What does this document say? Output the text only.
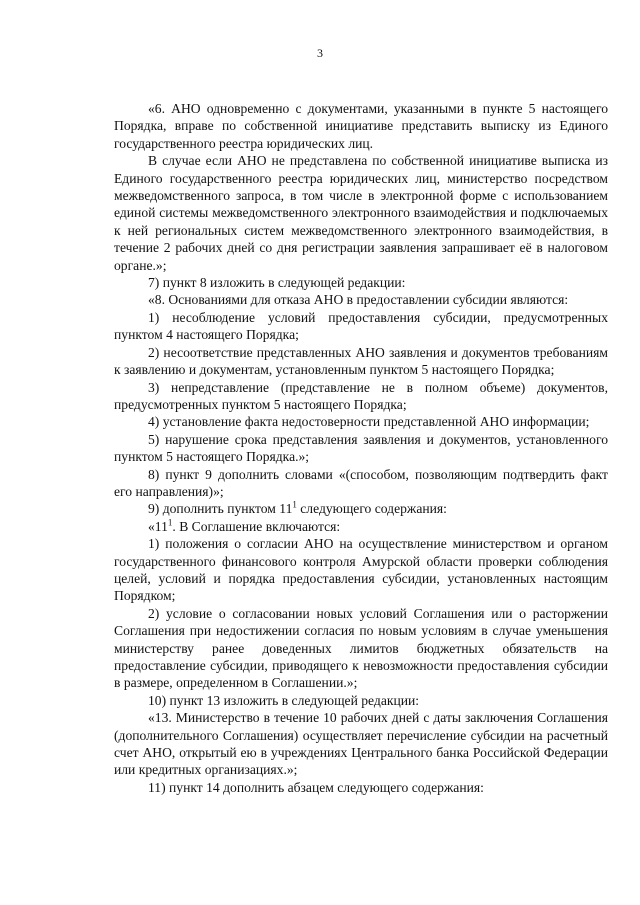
3

«6. АНО одновременно с документами, указанными в пункте 5 настоящего Порядка, вправе по собственной инициативе представить выписку из Единого государственного реестра юридических лиц.

В случае если АНО не представлена по собственной инициативе выписка из Единого государственного реестра юридических лиц, министерство посредством межведомственного запроса, в том числе в электронной форме с использованием единой системы межведомственного электронного взаимодействия и подключаемых к ней региональных систем межведомственного электронного взаимодействия, в течение 2 рабочих дней со дня регистрации заявления запрашивает её в налоговом органе.»;

7) пункт 8 изложить в следующей редакции:

«8. Основаниями для отказа АНО в предоставлении субсидии являются:

1) несоблюдение условий предоставления субсидии, предусмотренных пунктом 4 настоящего Порядка;

2) несоответствие представленных АНО заявления и документов требованиям к заявлению и документам, установленным пунктом 5 настоящего Порядка;

3) непредставление (представление не в полном объеме) документов, предусмотренных пунктом 5 настоящего Порядка;

4) установление факта недостоверности представленной АНО информации;

5) нарушение срока представления заявления и документов, установленного пунктом 5 настоящего Порядка.»;

8) пункт 9 дополнить словами «(способом, позволяющим подтвердить факт его направления)»;

9) дополнить пунктом $11^1$ следующего содержания:

«$11^1$. В Соглашение включаются:

1) положения о согласии АНО на осуществление министерством и органом государственного финансового контроля Амурской области проверки соблюдения целей, условий и порядка предоставления субсидии, установленных настоящим Порядком;

2) условие о согласовании новых условий Соглашения или о расторжении Соглашения при недостижении согласия по новым условиям в случае уменьшения министерству ранее доведенных лимитов бюджетных обязательств на предоставление субсидии, приводящего к невозможности предоставления субсидии в размере, определенном в Соглашении.»;

10) пункт 13 изложить в следующей редакции:

«13. Министерство в течение 10 рабочих дней с даты заключения Соглашения (дополнительного Соглашения) осуществляет перечисление субсидии на расчетный счет АНО, открытый ею в учреждениях Центрального банка Российской Федерации или кредитных организациях.»;

11) пункт 14 дополнить абзацем следующего содержания:
